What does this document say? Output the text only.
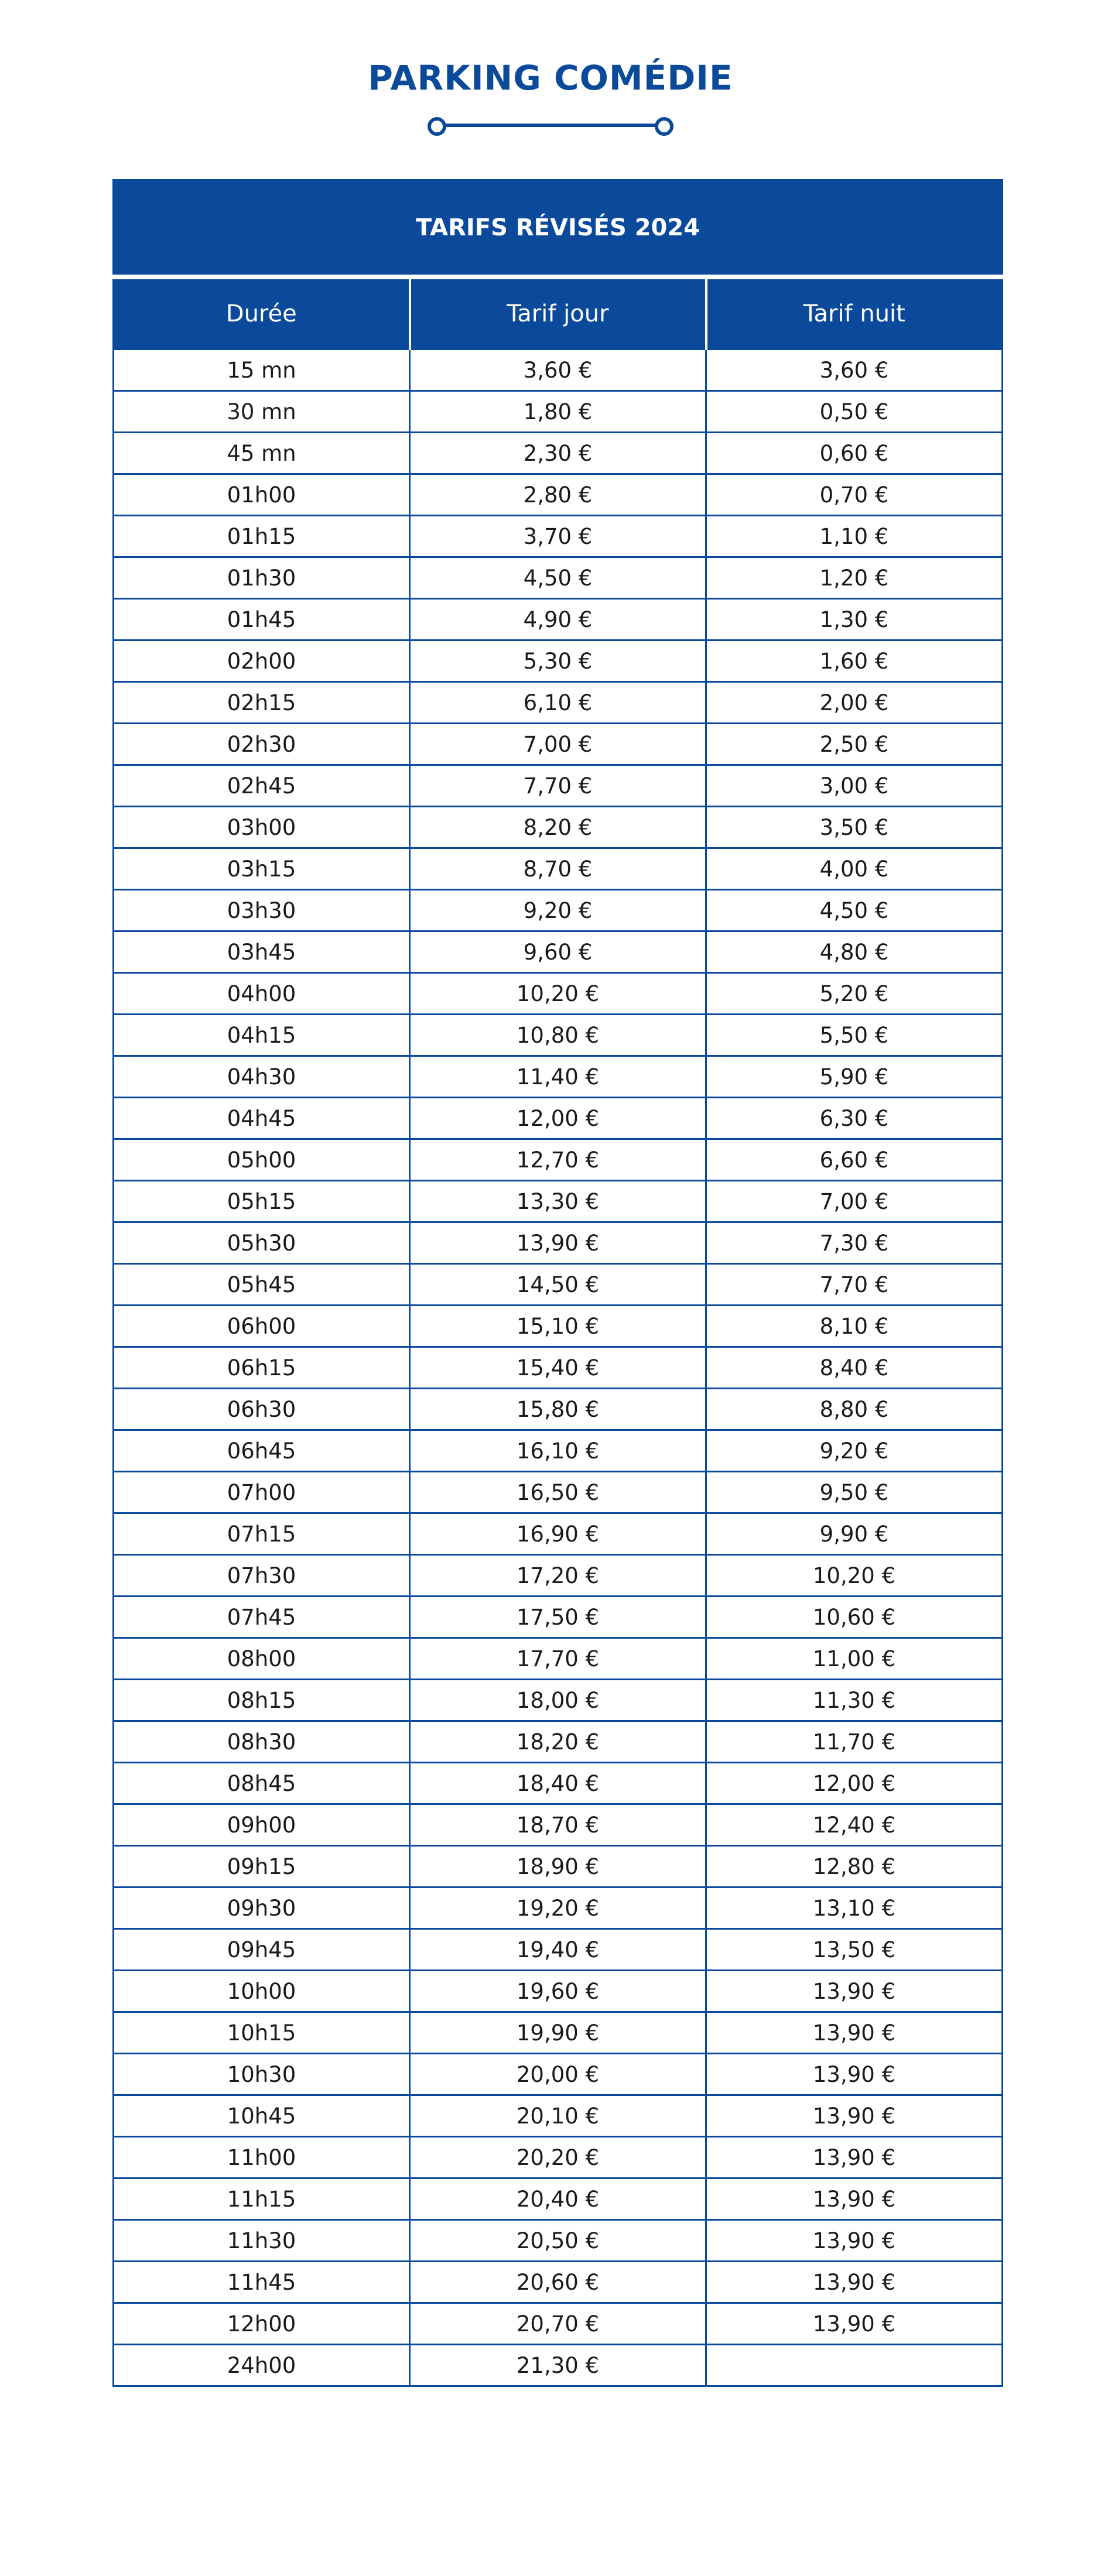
PARKING COMÉDIE
TARIFS RÉVISÉS 2024		
Durée	Tarif jour	Tarif nuit
15 mn	3,60 €	3,60 €
30 mn	1,80 €	0,50 €
45 mn	2,30 €	0,60 €
01h00	2,80 €	0,70 €
01h15	3,70 €	1,10 €
01h30	4,50 €	1,20 €
01h45	4,90 €	1,30 €
02h00	5,30 €	1,60 €
02h15	6,10 €	2,00 €
02h30	7,00 €	2,50 €
02h45	7,70 €	3,00 €
03h00	8,20 €	3,50 €
03h15	8,70 €	4,00 €
03h30	9,20 €	4,50 €
03h45	9,60 €	4,80 €
04h00	10,20 €	5,20 €
04h15	10,80 €	5,50 €
04h30	11,40 €	5,90 €
04h45	12,00 €	6,30 €
05h00	12,70 €	6,60 €
05h15	13,30 €	7,00 €
05h30	13,90 €	7,30 €
05h45	14,50 €	7,70 €
06h00	15,10 €	8,10 €
06h15	15,40 €	8,40 €
06h30	15,80 €	8,80 €
06h45	16,10 €	9,20 €
07h00	16,50 €	9,50 €
07h15	16,90 €	9,90 €
07h30	17,20 €	10,20 €
07h45	17,50 €	10,60 €
08h00	17,70 €	11,00 €
08h15	18,00 €	11,30 €
08h30	18,20 €	11,70 €
08h45	18,40 €	12,00 €
09h00	18,70 €	12,40 €
09h15	18,90 €	12,80 €
09h30	19,20 €	13,10 €
09h45	19,40 €	13,50 €
10h00	19,60 €	13,90 €
10h15	19,90 €	13,90 €
10h30	20,00 €	13,90 €
10h45	20,10 €	13,90 €
11h00	20,20 €	13,90 €
11h15	20,40 €	13,90 €
11h30	20,50 €	13,90 €
11h45	20,60 €	13,90 €
12h00	20,70 €	13,90 €
24h00	21,30 €	
